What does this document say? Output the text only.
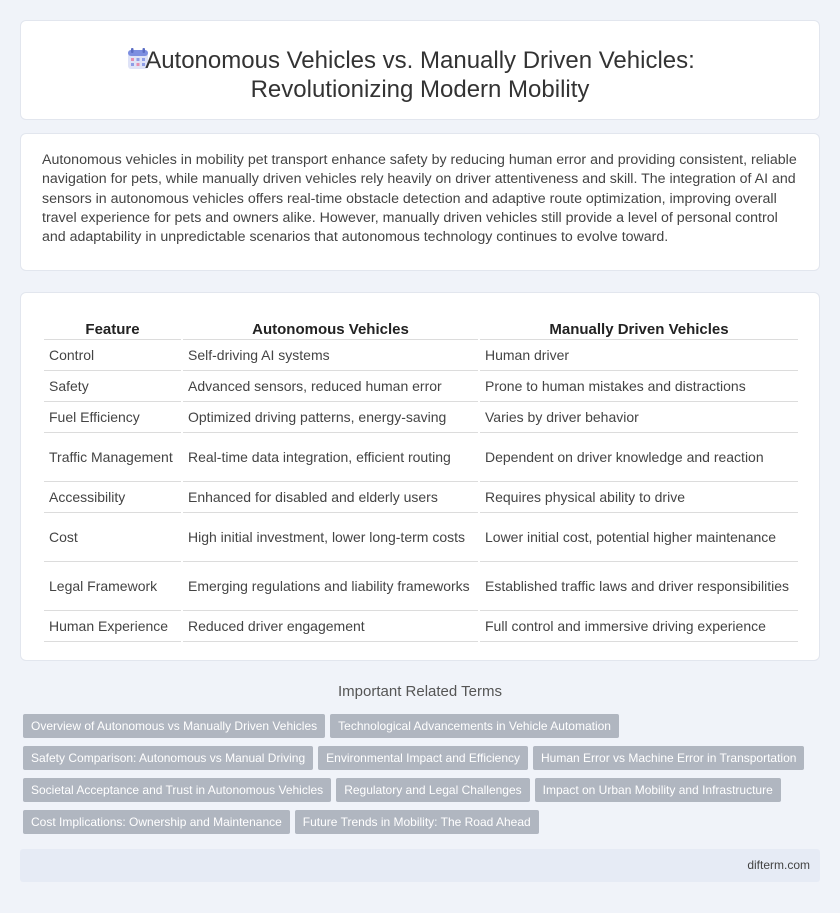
Autonomous Vehicles vs. Manually Driven Vehicles:
Revolutionizing Modern Mobility

Autonomous vehicles in mobility pet transport enhance safety by reducing human error and providing consistent, reliable navigation for pets, while manually driven vehicles rely heavily on driver attentiveness and skill. The integration of AI and sensors in autonomous vehicles offers real-time obstacle detection and adaptive route optimization, improving overall travel experience for pets and owners alike. However, manually driven vehicles still provide a level of personal control and adaptability in unpredictable scenarios that autonomous technology continues to evolve toward.

Feature	Autonomous Vehicles	Manually Driven Vehicles
Control	Self-driving AI systems	Human driver
Safety	Advanced sensors, reduced human error	Prone to human mistakes and distractions
Fuel Efficiency	Optimized driving patterns, energy-saving	Varies by driver behavior
Traffic Management	Real-time data integration, efficient routing	Dependent on driver knowledge and reaction
Accessibility	Enhanced for disabled and elderly users	Requires physical ability to drive
Cost	High initial investment, lower long-term costs	Lower initial cost, potential higher maintenance
Legal Framework	Emerging regulations and liability frameworks	Established traffic laws and driver responsibilities
Human Experience	Reduced driver engagement	Full control and immersive driving experience
Important Related Terms
Overview of Autonomous vs Manually Driven Vehicles Technological Advancements in Vehicle Automation
Safety Comparison: Autonomous vs Manual Driving Environmental Impact and Efficiency Human Error vs Machine Error in Transportation
Societal Acceptance and Trust in Autonomous Vehicles Regulatory and Legal Challenges Impact on Urban Mobility and Infrastructure
Cost Implications: Ownership and Maintenance Future Trends in Mobility: The Road Ahead
difterm.com
